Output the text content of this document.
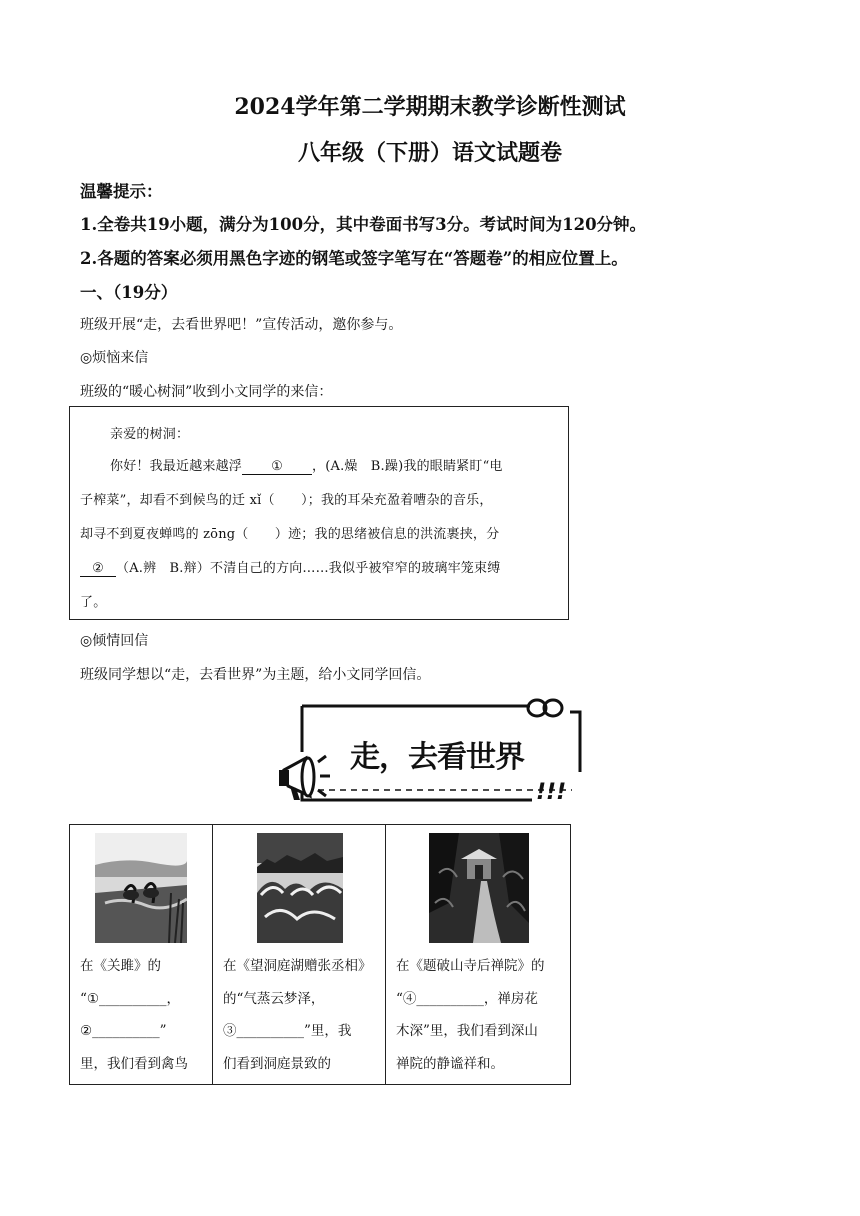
2024学年第二学期期末教学诊断性测试
八年级（下册）语文试题卷
温馨提示：
1.全卷共19小题，满分为100分，其中卷面书写3分。考试时间为120分钟。
2.各题的答案必须用黑色字迹的钢笔或签字笔写在“答题卷”的相应位置上。
一、（19分）
班级开展“走，去看世界吧！”宣传活动，邀你参与。
◎烦恼来信
班级的“暖心树洞”收到小文同学的来信：
亲爱的树洞：
你好！我最近越来越浮 ① ，(A.燥　B.躁)我的眼睛紧盯“电
子榨菜”，却看不到候鸟的迁 xǐ（　　）；我的耳朵充盈着嘈杂的音乐，
却寻不到夏夜蝉鸣的 zōng（　　）迹；我的思绪被信息的洪流裹挟，分
② （A.辨　B.辩）不清自己的方向……我似乎被窄窄的玻璃牢笼束缚
了。
◎倾情回信
班级同学想以“走，去看世界”为主题，给小文同学回信。
走，去看世界
!!!
在《关雎》的
“①__________，
②__________”
里，我们看到禽鸟
在《望洞庭湖赠张丞相》
的“气蒸云梦泽，
③__________”里，我
们看到洞庭景致的
在《题破山寺后禅院》的
“④__________，禅房花
木深”里，我们看到深山
禅院的静谧祥和。
